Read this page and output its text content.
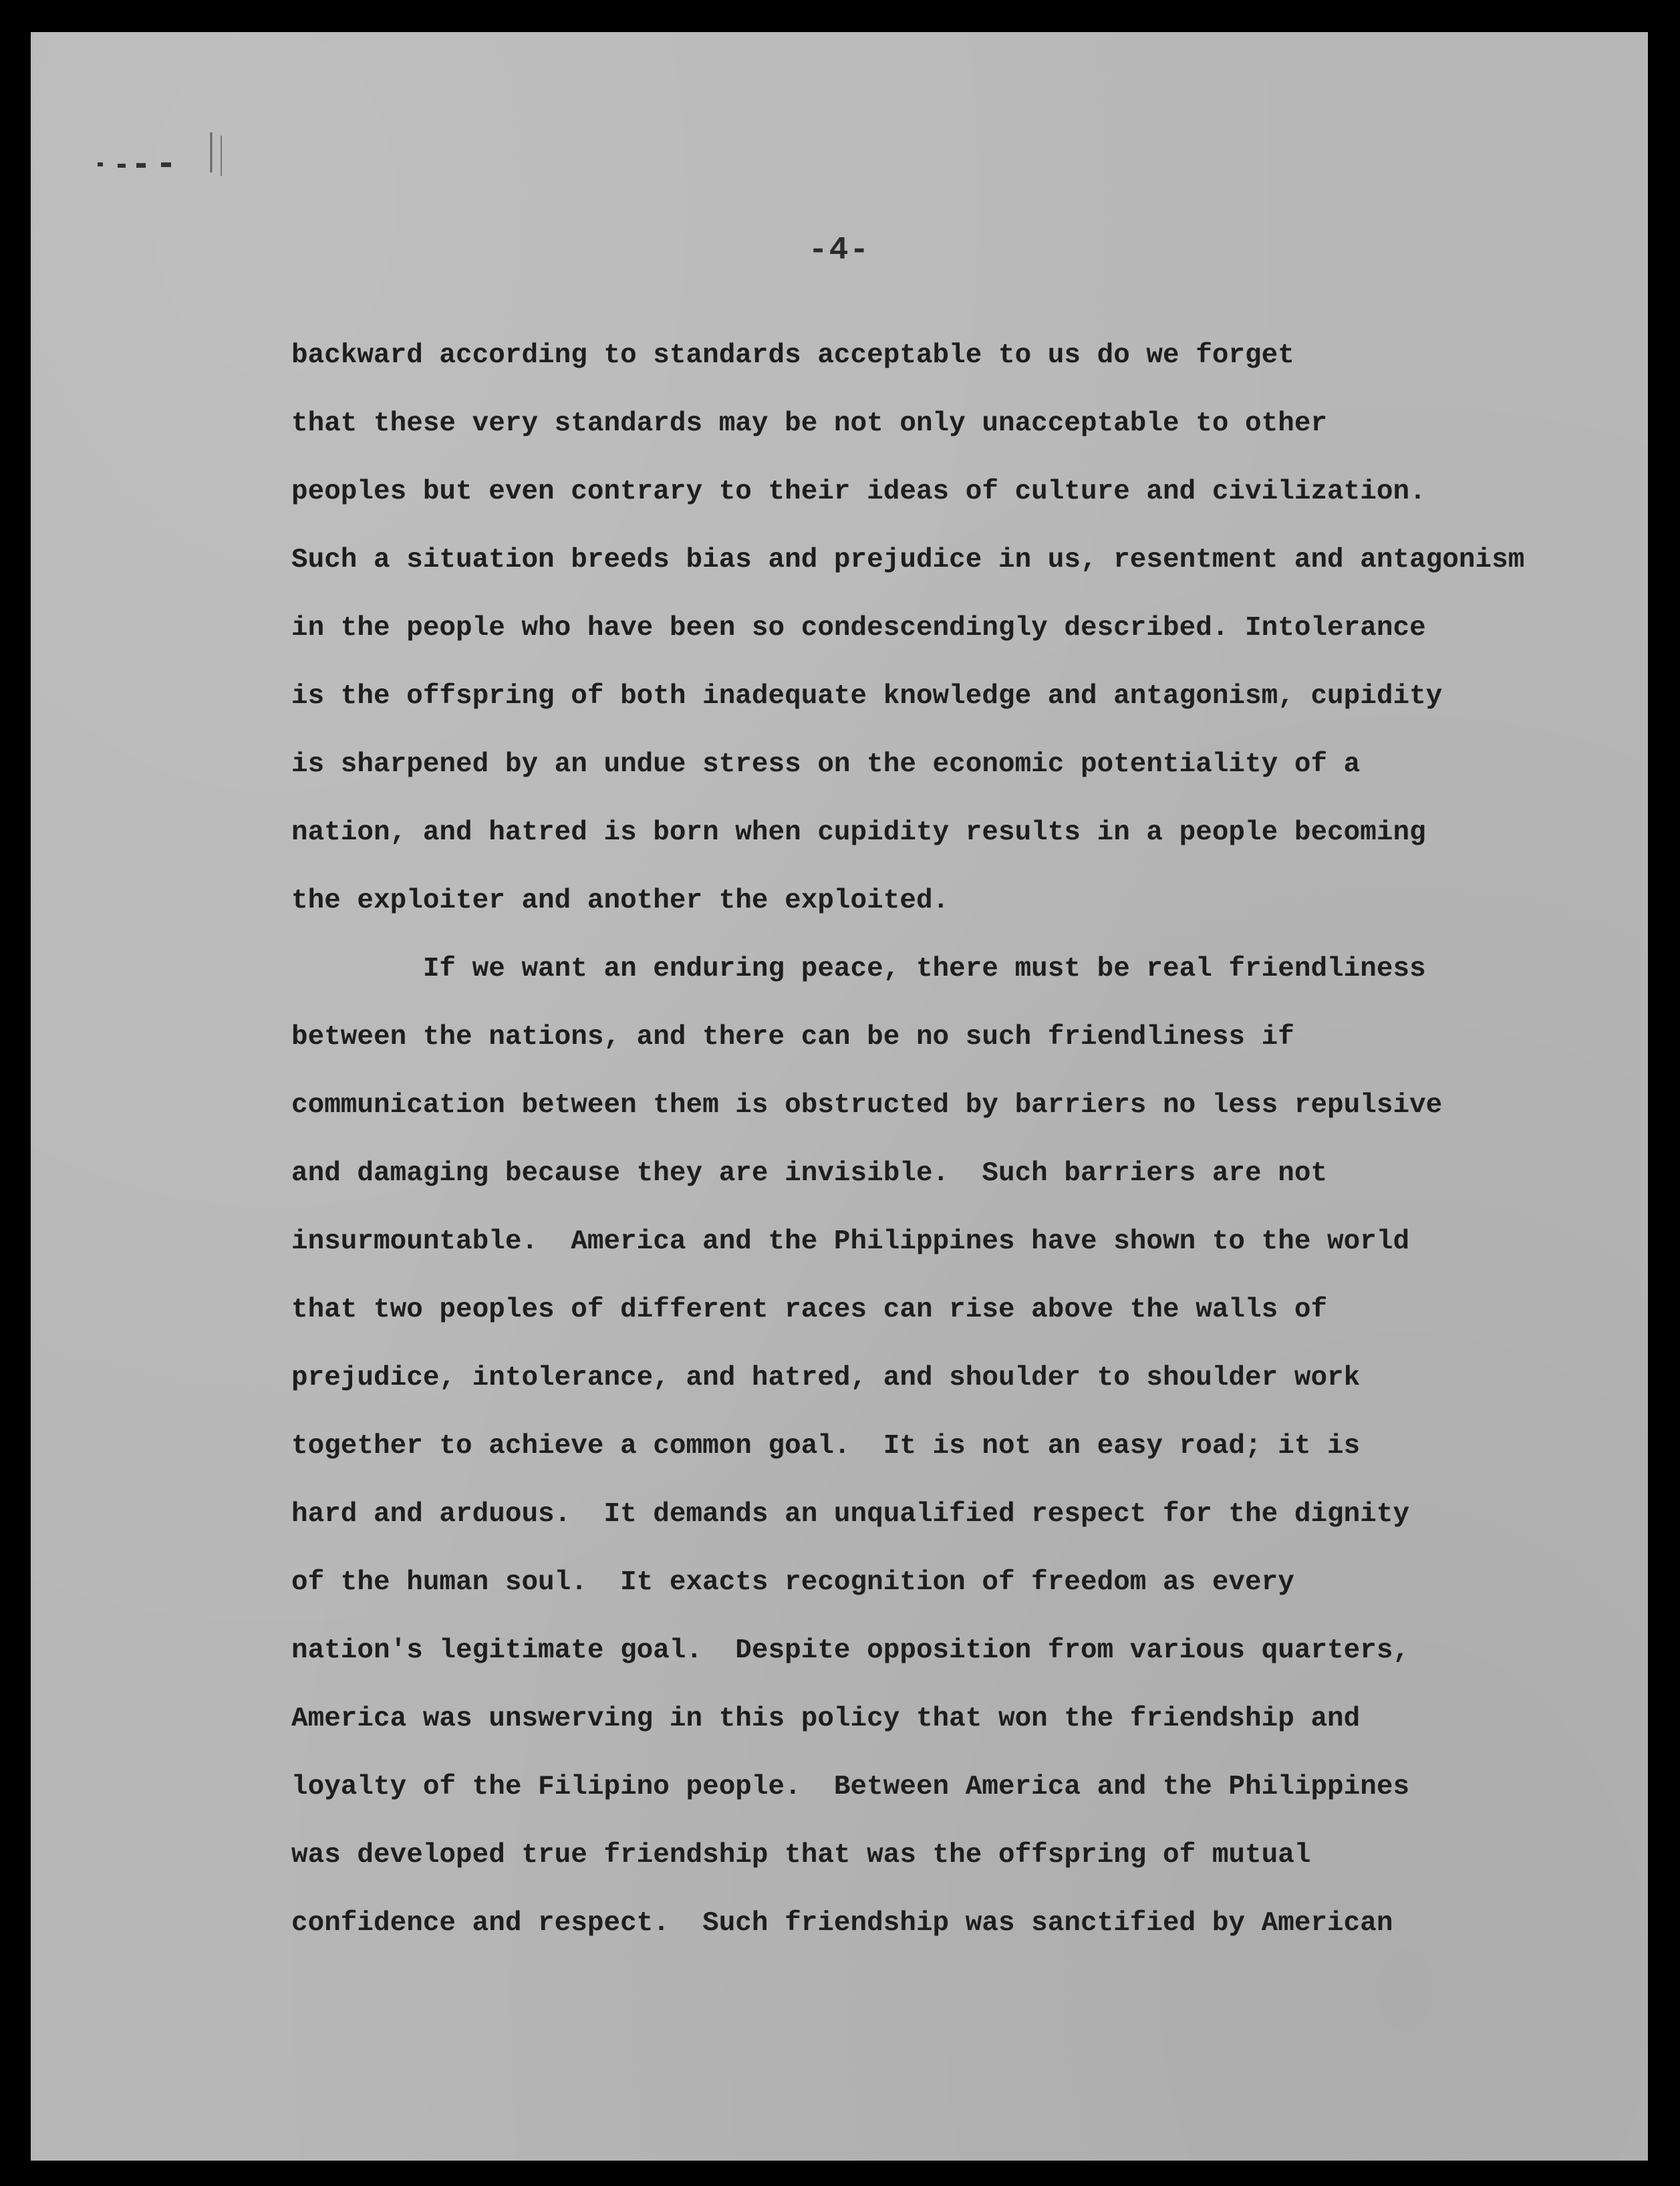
-4-
backward according to standards acceptable to us do we forget
that these very standards may be not only unacceptable to other
peoples but even contrary to their ideas of culture and civilization.
Such a situation breeds bias and prejudice in us, resentment and antagonism
in the people who have been so condescendingly described. Intolerance
is the offspring of both inadequate knowledge and antagonism, cupidity
is sharpened by an undue stress on the economic potentiality of a
nation, and hatred is born when cupidity results in a people becoming
the exploiter and another the exploited.
If we want an enduring peace, there must be real friendliness
between the nations, and there can be no such friendliness if
communication between them is obstructed by barriers no less repulsive
and damaging because they are invisible.  Such barriers are not
insurmountable.  America and the Philippines have shown to the world
that two peoples of different races can rise above the walls of
prejudice, intolerance, and hatred, and shoulder to shoulder work
together to achieve a common goal.  It is not an easy road; it is
hard and arduous.  It demands an unqualified respect for the dignity
of the human soul.  It exacts recognition of freedom as every
nation's legitimate goal.  Despite opposition from various quarters,
America was unswerving in this policy that won the friendship and
loyalty of the Filipino people.  Between America and the Philippines
was developed true friendship that was the offspring of mutual
confidence and respect.  Such friendship was sanctified by American
